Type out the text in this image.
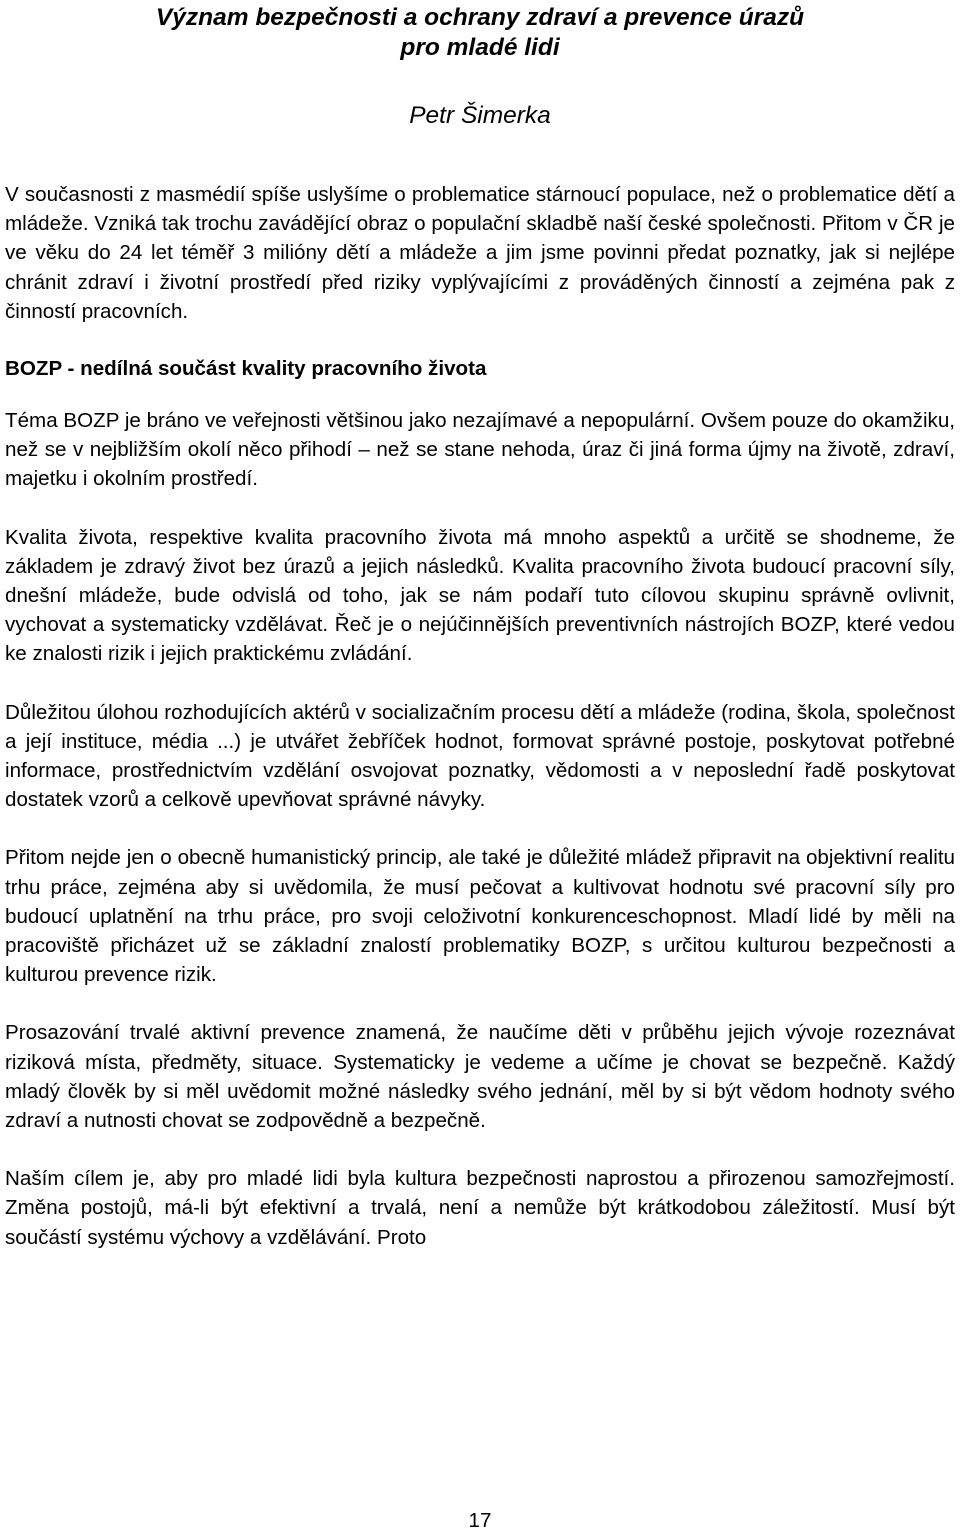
Význam bezpečnosti a ochrany zdraví a prevence úrazů
pro mladé lidi

Petr Šimerka

V současnosti z masmédií spíše uslyšíme o problematice stárnoucí populace, než o problematice dětí a mládeže. Vzniká tak trochu zavádějící obraz o populační skladbě naší české společnosti. Přitom v ČR je ve věku do 24 let téměř 3 milióny dětí a mládeže a jim jsme povinni předat poznatky, jak si nejlépe chránit zdraví i životní prostředí před riziky vyplývajícími z prováděných činností a zejména pak z činností pracovních.

BOZP - nedílná součást kvality pracovního života

Téma BOZP je bráno ve veřejnosti většinou jako nezajímavé a nepopulární. Ovšem pouze do okamžiku, než se v nejbližším okolí něco přihodí – než se stane nehoda, úraz či jiná forma újmy na životě, zdraví, majetku i okolním prostředí.

Kvalita života, respektive kvalita pracovního života má mnoho aspektů a určitě se shodneme, že základem je zdravý život bez úrazů a jejich následků. Kvalita pracovního života budoucí pracovní síly, dnešní mládeže, bude odvislá od toho, jak se nám podaří tuto cílovou skupinu správně ovlivnit, vychovat a systematicky vzdělávat. Řeč je o nejúčinnějších preventivních nástrojích BOZP, které vedou ke znalosti rizik i jejich praktickému zvládání.

Důležitou úlohou rozhodujících aktérů v socializačním procesu dětí a mládeže (rodina, škola, společnost a její instituce, média ...) je utvářet žebříček hodnot, formovat správné postoje, poskytovat potřebné informace, prostřednictvím vzdělání osvojovat poznatky, vědomosti a v neposlední řadě poskytovat dostatek vzorů a celkově upevňovat správné návyky.

Přitom nejde jen o obecně humanistický princip, ale také je důležité mládež připravit na objektivní realitu trhu práce, zejména aby si uvědomila, že musí pečovat a kultivovat hodnotu své pracovní síly pro budoucí uplatnění na trhu práce, pro svoji celoživotní konkurenceschopnost. Mladí lidé by měli na pracoviště přicházet už se základní znalostí problematiky BOZP, s určitou kulturou bezpečnosti a kulturou prevence rizik.

Prosazování trvalé aktivní prevence znamená, že naučíme děti v průběhu jejich vývoje rozeznávat riziková místa, předměty, situace. Systematicky je vedeme a učíme je chovat se bezpečně. Každý mladý člověk by si měl uvědomit možné následky svého jednání, měl by si být vědom hodnoty svého zdraví a nutnosti chovat se zodpovědně a bezpečně.

Naším cílem je, aby pro mladé lidi byla kultura bezpečnosti naprostou a přirozenou samozřejmostí. Změna postojů, má-li být efektivní a trvalá, není a nemůže být krátkodobou záležitostí. Musí být součástí systému výchovy a vzdělávání. Proto

17
